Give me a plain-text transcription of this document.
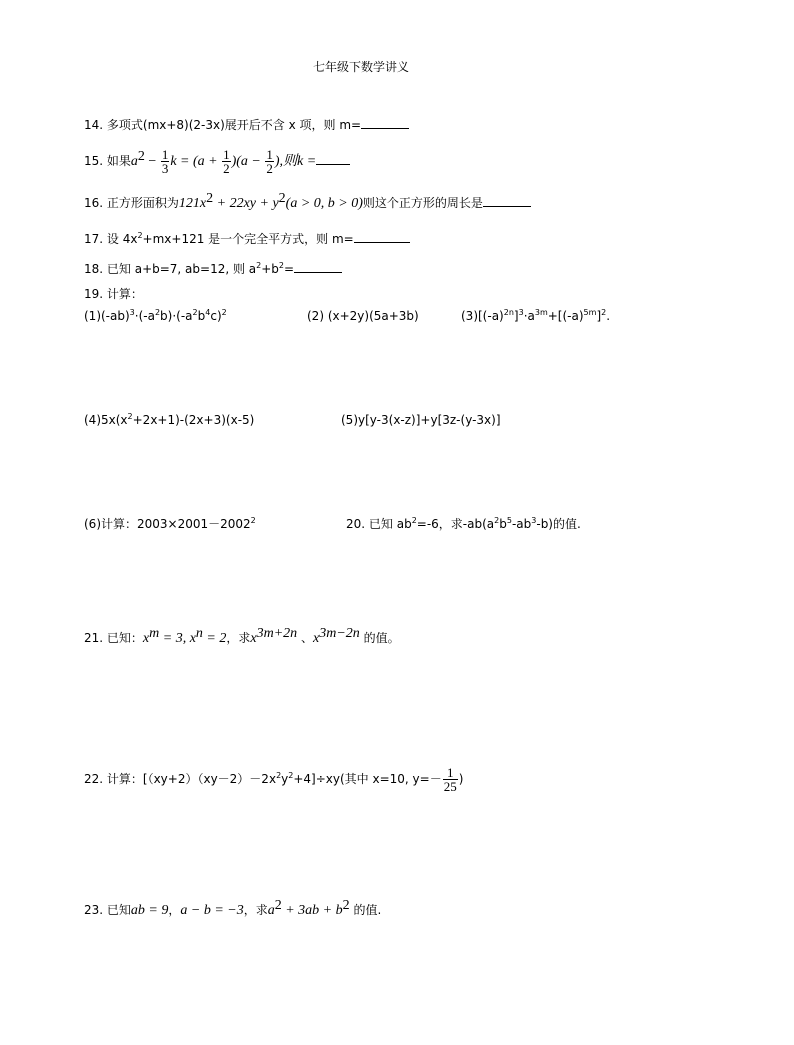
七年级下数学讲义
14. 多项式(mx+8)(2-3x)展开后不含 x 项，则 m=
15. 如果$a^2 - \frac{1}{3}$ $k = (a + \frac{1}{2} )(a - \frac{1}{2}$ ),则k =
16. 正方形面积为$121x^2 + 22xy + y^2(a > 0$, b > 0)则这个正方形的周长是
17. 设 $4x^2+mx+121$ 是一个完全平方式，则 m=
18. 已知 a+b=7, ab=12, 则 $a^2+b^2=$
19. 计算：
$(1)(-ab)^3\cdot(-a^2b)\cdot(-a^2b^4c)^2$	(2) (x+2y)(5a+3b)	$(3)[(-a)^{2n}]^3\cdot a^{3m}+[(-a)^{5m}]^2$.
$(4)5x(x^2+2x+1)-(2x+3)(x-5)$	(5)y[y-3(x-z)]+y[3z-(y-3x)]
(6)计算：$2003\times 2001-2002^2$	20. 已知 $ab^2=-6$，求$-ab(a^2b^5-ab^3-b)$的值.
21. 已知：$x^m = 3$, $x^n = 2$，求$x^{3m+2n}$ 、$x^{3m-2n}$ 的值。
22. 计算：$[(xy+2)(xy-2)-2x^2y^2+4]\div xy$(其中 x=10, $y=- \frac{1}{25}$ )
23. 已知ab = 9，a − b = −3，求$a^2 + 3ab + b^2$ 的值.
